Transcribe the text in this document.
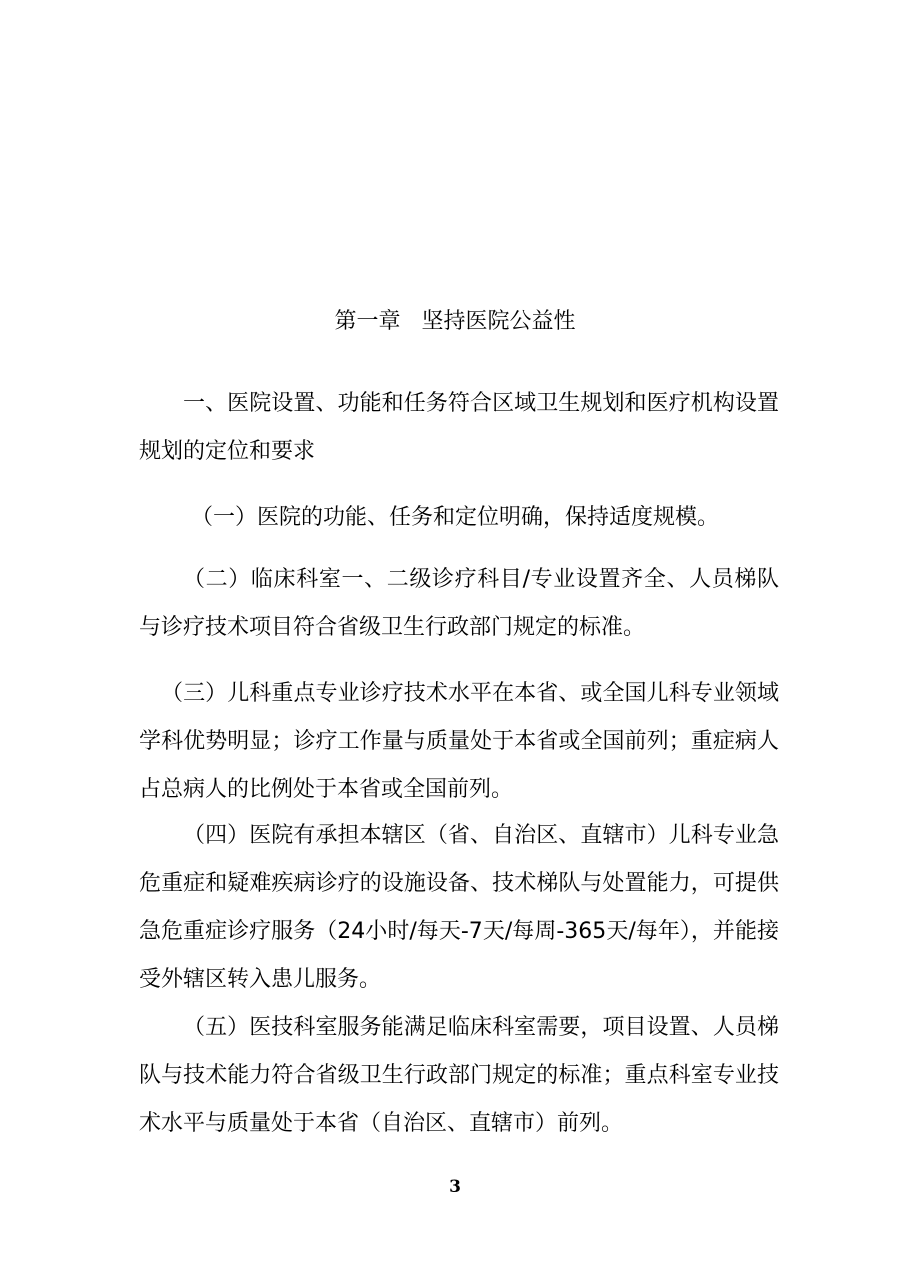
第一章   坚持医院公益性
一、医院设置、功能和任务符合区域卫生规划和医疗机构设置规划的定位和要求
（一）医院的功能、任务和定位明确，保持适度规模。
（二）临床科室一、二级诊疗科目/专业设置齐全、人员梯队与诊疗技术项目符合省级卫生行政部门规定的标准。
（三）儿科重点专业诊疗技术水平在本省、或全国儿科专业领域学科优势明显；诊疗工作量与质量处于本省或全国前列；重症病人占总病人的比例处于本省或全国前列。
（四）医院有承担本辖区（省、自治区、直辖市）儿科专业急危重症和疑难疾病诊疗的设施设备、技术梯队与处置能力，可提供急危重症诊疗服务（24小时/每天-7天/每周-365天/每年），并能接受外辖区转入患儿服务。
（五）医技科室服务能满足临床科室需要，项目设置、人员梯队与技术能力符合省级卫生行政部门规定的标准；重点科室专业技术水平与质量处于本省（自治区、直辖市）前列。
3
